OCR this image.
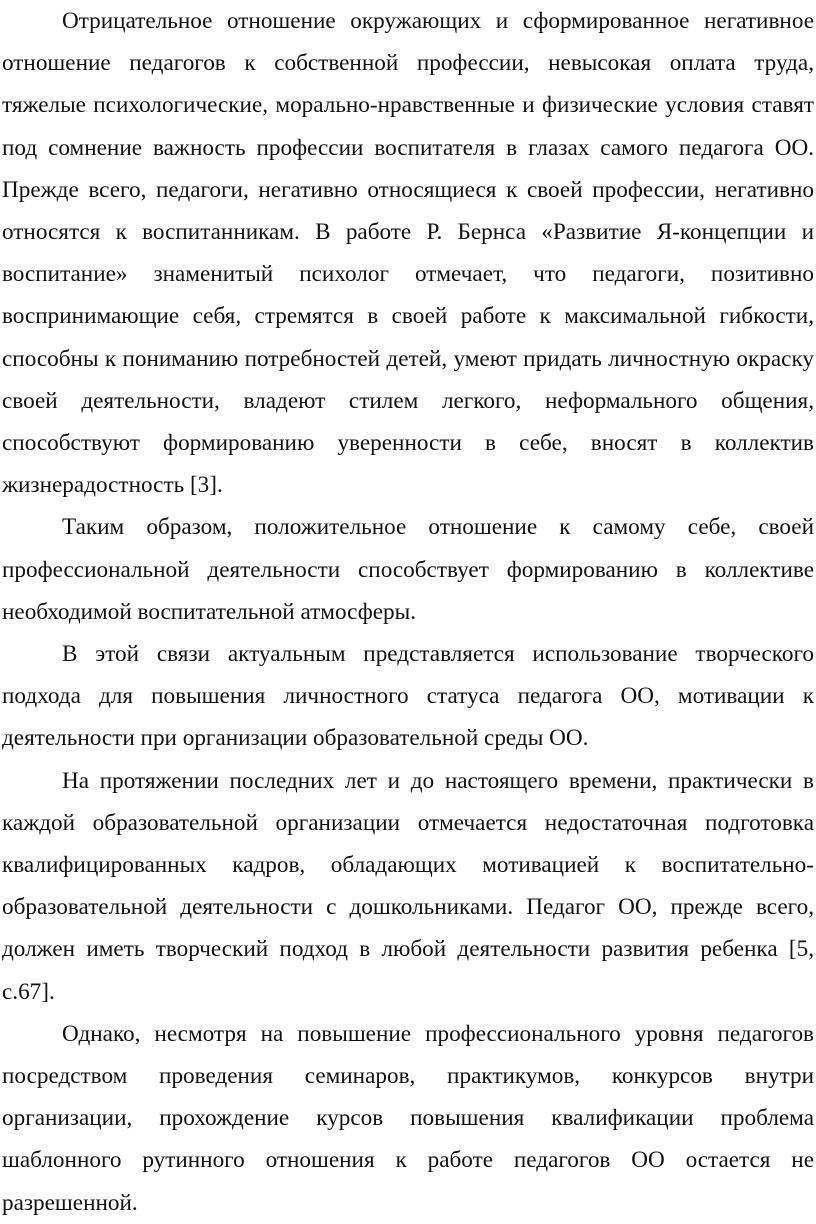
Отрицательное отношение окружающих и сформированное негативное отношение педагогов к собственной профессии, невысокая оплата труда, тяжелые психологические, морально-нравственные и физические условия ставят под сомнение важность профессии воспитателя в глазах самого педагога ОО. Прежде всего, педагоги, негативно относящиеся к своей профессии, негативно относятся к воспитанникам. В работе Р. Бернса «Развитие Я-концепции и воспитание» знаменитый психолог отмечает, что педагоги, позитивно воспринимающие себя, стремятся в своей работе к максимальной гибкости, способны к пониманию потребностей детей, умеют придать личностную окраску своей деятельности, владеют стилем легкого, неформального общения, способствуют формированию уверенности в себе, вносят в коллектив жизнерадостность [3].

Таким образом, положительное отношение к самому себе, своей профессиональной деятельности способствует формированию в коллективе необходимой воспитательной атмосферы.

В этой связи актуальным представляется использование творческого подхода для повышения личностного статуса педагога ОО, мотивации к деятельности при организации образовательной среды ОО.

На протяжении последних лет и до настоящего времени, практически в каждой образовательной организации отмечается недостаточная подготовка квалифицированных кадров, обладающих мотивацией к воспитательно-образовательной деятельности с дошкольниками. Педагог ОО, прежде всего, должен иметь творческий подход в любой деятельности развития ребенка [5, с.67].

Однако, несмотря на повышение профессионального уровня педагогов посредством проведения семинаров, практикумов, конкурсов внутри организации, прохождение курсов повышения квалификации проблема шаблонного рутинного отношения к работе педагогов ОО остается не разрешенной.
